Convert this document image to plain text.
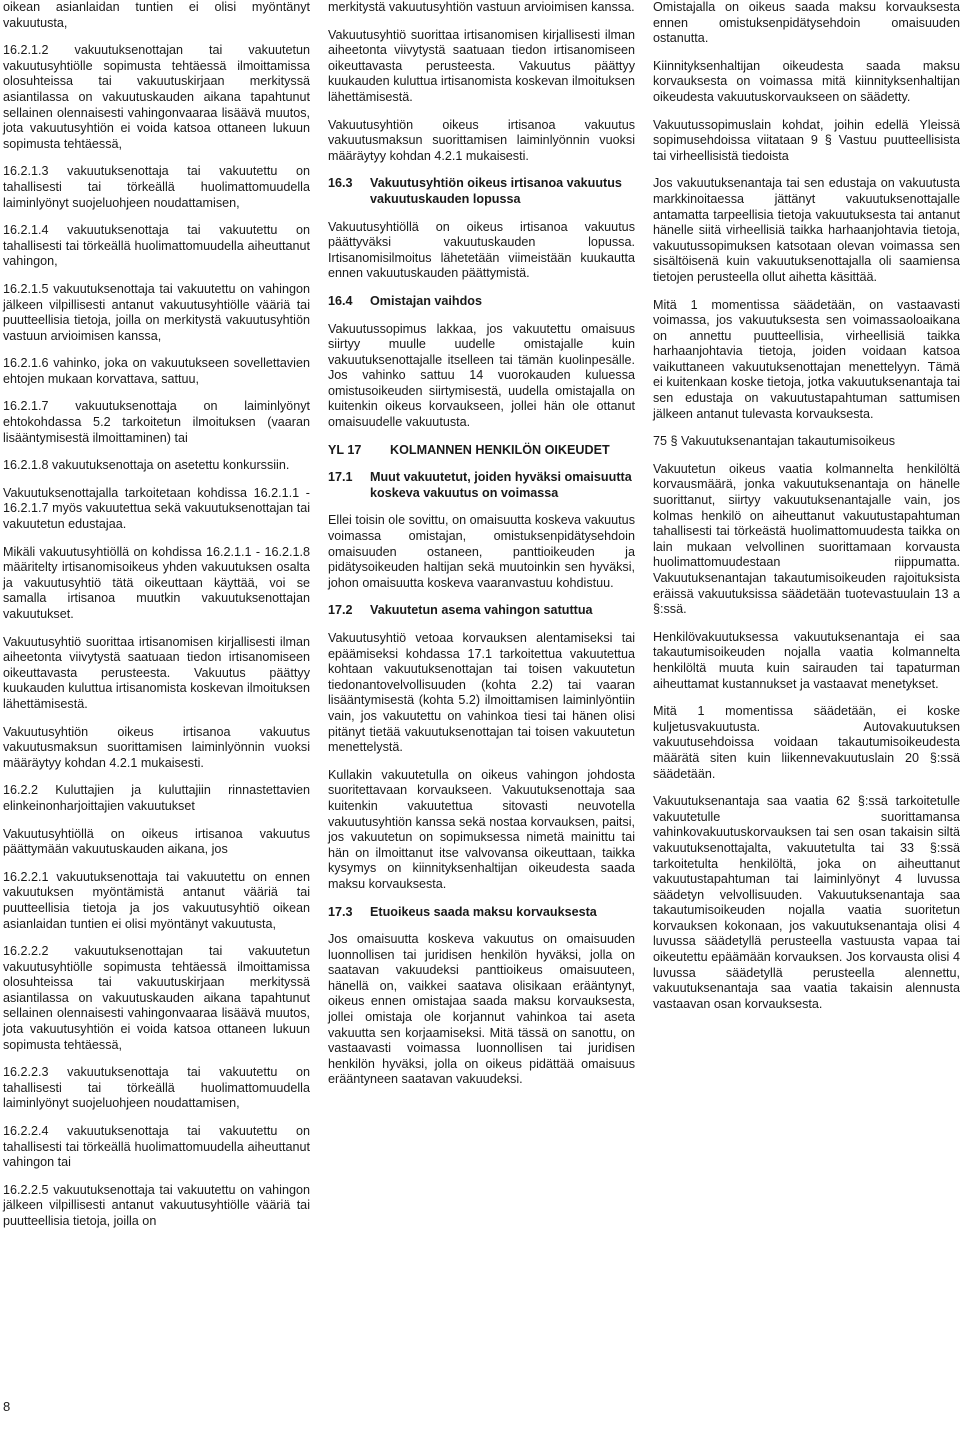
oikean asianlaidan tuntien ei olisi myöntänyt vakuutusta,

16.2.1.2 vakuutuksenottajan tai vakuutetun vakuutusyhtiölle sopimusta tehtäessä ilmoittamissa olosuhteissa tai vakuutuskirjaan merkityssä asiantilassa on vakuutuskauden aikana tapahtunut sellainen olennaisesti vahingonvaaraa lisäävä muutos, jota vakuutusyhtiön ei voida katsoa ottaneen lukuun sopimusta tehtäessä,

16.2.1.3 vakuutuksenottaja tai vakuutettu on tahallisesti tai törkeällä huolimattomuudella laiminlyönyt suojeluohjeen noudattamisen,

16.2.1.4 vakuutuksenottaja tai vakuutettu on tahallisesti tai törkeällä huolimattomuudella aiheuttanut vahingon,

16.2.1.5 vakuutuksenottaja tai vakuutettu on vahingon jälkeen vilpillisesti antanut vakuutusyhtiölle vääriä tai puutteellisia tietoja, joilla on merkitystä vakuutusyhtiön vastuun arvioimisen kanssa,

16.2.1.6 vahinko, joka on vakuutukseen sovellettavien ehtojen mukaan korvattava, sattuu,

16.2.1.7 vakuutuksenottaja on laiminlyönyt ehtokohdassa 5.2 tarkoitetun ilmoituksen (vaaran lisääntymisestä ilmoittaminen) tai

16.2.1.8 vakuutuksenottaja on asetettu konkurssiin.

Vakuutuksenottajalla tarkoitetaan kohdissa 16.2.1.1 - 16.2.1.7 myös vakuutettua sekä vakuutuksenottajan tai vakuutetun edustajaa.

Mikäli vakuutusyhtiöllä on kohdissa 16.2.1.1 - 16.2.1.8 määritelty irtisanomisoikeus yhden vakuutuksen osalta ja vakuutusyhtiö tätä oikeuttaan käyttää, voi se samalla irtisanoa muutkin vakuutuksenottajan vakuutukset.

Vakuutusyhtiö suorittaa irtisanomisen kirjallisesti ilman aiheetonta viivytystä saatuaan tiedon irtisanomiseen oikeuttavasta perusteesta. Vakuutus päättyy kuukauden kuluttua irtisanomista koskevan ilmoituksen lähettämisestä.

Vakuutusyhtiön oikeus irtisanoa vakuutus vakuutusmaksun suorittamisen laiminlyönnin vuoksi määräytyy kohdan 4.2.1 mukaisesti.

16.2.2 Kuluttajien ja kuluttajiin rinnastettavien elinkeinonharjoittajien vakuutukset

Vakuutusyhtiöllä on oikeus irtisanoa vakuutus päättymään vakuutuskauden aikana, jos

16.2.2.1 vakuutuksenottaja tai vakuutettu on ennen vakuutuksen myöntämistä antanut vääriä tai puutteellisia tietoja ja jos vakuutusyhtiö oikean asianlaidan tuntien ei olisi myöntänyt vakuutusta,

16.2.2.2 vakuutuksenottajan tai vakuutetun vakuutusyhtiölle sopimusta tehtäessä ilmoittamissa olosuhteissa tai vakuutuskirjaan merkityssä asiantilassa on vakuutuskauden aikana tapahtunut sellainen olennaisesti vahingonvaaraa lisäävä muutos, jota vakuutusyhtiön ei voida katsoa ottaneen lukuun sopimusta tehtäessä,

16.2.2.3 vakuutuksenottaja tai vakuutettu on tahallisesti tai törkeällä huolimattomuudella laiminlyönyt suojeluohjeen noudattamisen,

16.2.2.4 vakuutuksenottaja tai vakuutettu on tahallisesti tai törkeällä huolimattomuudella aiheuttanut vahingon tai

16.2.2.5 vakuutuksenottaja tai vakuutettu on vahingon jälkeen vilpillisesti antanut vakuutusyhtiölle vääriä tai puutteellisia tietoja, joilla on

merkitystä vakuutusyhtiön vastuun arvioimisen kanssa.

Vakuutusyhtiö suorittaa irtisanomisen kirjallisesti ilman aiheetonta viivytystä saatuaan tiedon irtisanomiseen oikeuttavasta perusteesta. Vakuutus päättyy kuukauden kuluttua irtisanomista koskevan ilmoituksen lähettämisestä.

Vakuutusyhtiön oikeus irtisanoa vakuutus vakuutusmaksun suorittamisen laiminlyönnin vuoksi määräytyy kohdan 4.2.1 mukaisesti.

16.3	Vakuutusyhtiön oikeus irtisanoa vakuutus vakuutuskauden lopussa

Vakuutusyhtiöllä on oikeus irtisanoa vakuutus päättyväksi vakuutuskauden lopussa. Irtisanomisilmoitus lähetetään viimeistään kuukautta ennen vakuutuskauden päättymistä.

16.4	Omistajan vaihdos

Vakuutussopimus lakkaa, jos vakuutettu omaisuus siirtyy muulle uudelle omistajalle kuin vakuutuksenottajalle itselleen tai tämän kuolinpesälle. Jos vahinko sattuu 14 vuorokauden kuluessa omistusoikeuden siirtymisestä, uudella omistajalla on kuitenkin oikeus korvaukseen, jollei hän ole ottanut omaisuudelle vakuutusta.

YL 17	KOLMANNEN HENKILÖN OIKEUDET
17.1	Muut vakuutetut, joiden hyväksi omaisuutta koskeva vakuutus on voimassa

Ellei toisin ole sovittu, on omaisuutta koskeva vakuutus voimassa omistajan, omistuksenpidätysehdoin omaisuuden ostaneen, panttioikeuden ja pidätysoikeuden haltijan sekä muutoinkin sen hyväksi, johon omaisuutta koskeva vaaranvastuu kohdistuu.

17.2	Vakuutetun asema vahingon satuttua

Vakuutusyhtiö vetoaa korvauksen alentamiseksi tai epäämiseksi kohdassa 17.1 tarkoitettua vakuutettua kohtaan vakuutuksenottajan tai toisen vakuutetun tiedonantovelvollisuuden (kohta 2.2) tai vaaran lisääntymisestä (kohta 5.2) ilmoittamisen laiminlyöntiin vain, jos vakuutettu on vahinkoa tiesi tai hänen olisi pitänyt tietää vakuutuksenottajan tai toisen vakuutetun menettelystä.

Kullakin vakuutetulla on oikeus vahingon johdosta suoritettavaan korvaukseen. Vakuutuksenottaja saa kuitenkin vakuutettua sitovasti neuvotella vakuutusyhtiön kanssa sekä nostaa korvauksen, paitsi, jos vakuutetun on sopimuksessa nimetä mainittu tai hän on ilmoittanut itse valvovansa oikeuttaan, taikka kysymys on kiinnityksenhaltijan oikeudesta saada maksu korvauksesta.

17.3	Etuoikeus saada maksu korvauksesta

Jos omaisuutta koskeva vakuutus on omaisuuden luonnollisen tai juridisen henkilön hyväksi, jolla on saatavan vakuudeksi panttioikeus omaisuuteen, hänellä on, vaikkei saatava olisikaan erääntynyt, oikeus ennen omistajaa saada maksu korvauksesta, jollei omistaja ole korjannut vahinkoa tai aseta vakuutta sen korjaamiseksi. Mitä tässä on sanottu, on vastaavasti voimassa luonnollisen tai juridisen henkilön hyväksi, jolla on oikeus pidättää omaisuus erääntyneen saatavan vakuudeksi.

Omistajalla on oikeus saada maksu korvauksesta ennen omistuksenpidätysehdoin omaisuuden ostanutta.

Kiinnityksenhaltijan oikeudesta saada maksu korvauksesta on voimassa mitä kiinnityksenhaltijan oikeudesta vakuutuskorvaukseen on säädetty.

Vakuutussopimuslain kohdat, joihin edellä Yleissä sopimusehdoissa viitataan 9 § Vastuu puutteellisista tai virheellisistä tiedoista

Jos vakuutuksenantaja tai sen edustaja on vakuutusta markkinoitaessa jättänyt vakuutuksenottajalle antamatta tarpeellisia tietoja vakuutuksesta tai antanut hänelle siitä virheellisiä taikka harhaanjohtavia tietoja, vakuutussopimuksen katsotaan olevan voimassa sen sisältöisenä kuin vakuutuksenottajalla oli saamiensa tietojen perusteella ollut aihetta käsittää.

Mitä 1 momentissa säädetään, on vastaavasti voimassa, jos vakuutuksesta sen voimassaoloaikana on annettu puutteellisia, virheellisiä taikka harhaanjohtavia tietoja, joiden voidaan katsoa vaikuttaneen vakuutuksenottajan menettelyyn. Tämä ei kuitenkaan koske tietoja, jotka vakuutuksenantaja tai sen edustaja on vakuutustapahtuman sattumisen jälkeen antanut tulevasta korvauksesta.

75 § Vakuutuksenantajan takautumisoikeus

Vakuutetun oikeus vaatia kolmannelta henkilöltä korvausmäärä, jonka vakuutuksenantaja on hänelle suorittanut, siirtyy vakuutuksenantajalle vain, jos kolmas henkilö on aiheuttanut vakuutustapahtuman tahallisesti tai törkeästä huolimattomuudesta taikka on lain mukaan velvollinen suorittamaan korvausta huolimattomuudestaan riippumatta. Vakuutuksenantajan takautumisoikeuden rajoituksista eräissä vakuutuksissa säädetään tuotevastuulain 13 a §:ssä.

Henkilövakuutuksessa vakuutuksenantaja ei saa takautumisoikeuden nojalla vaatia kolmannelta henkilöltä muuta kuin sairauden tai tapaturman aiheuttamat kustannukset ja vastaavat menetykset.

Mitä 1 momentissa säädetään, ei koske kuljetusvakuutusta. Autovakuutuksen vakuutusehdoissa voidaan takautumisoikeudesta määrätä siten kuin liikennevakuutuslain 20 §:ssä säädetään.

Vakuutuksenantaja saa vaatia 62 §:ssä tarkoitetulle vakuutetulle suorittamansa vahinkovakuutuskorvauksen tai sen osan takaisin siltä vakuutuksenottajalta, vakuutetulta tai 33 §:ssä tarkoitetulta henkilöltä, joka on aiheuttanut vakuutustapahtuman tai laiminlyönyt 4 luvussa säädetyn velvollisuuden. Vakuutuksenantaja saa takautumisoikeuden nojalla vaatia suoritetun korvauksen kokonaan, jos vakuutuksenantaja olisi 4 luvussa säädetyllä perusteella vastuusta vapaa tai oikeutettu epäämään korvauksen. Jos korvausta olisi 4 luvussa säädetyllä perusteella alennettu, vakuutuksenantaja saa vaatia takaisin alennusta vastaavan osan korvauksesta.

8
